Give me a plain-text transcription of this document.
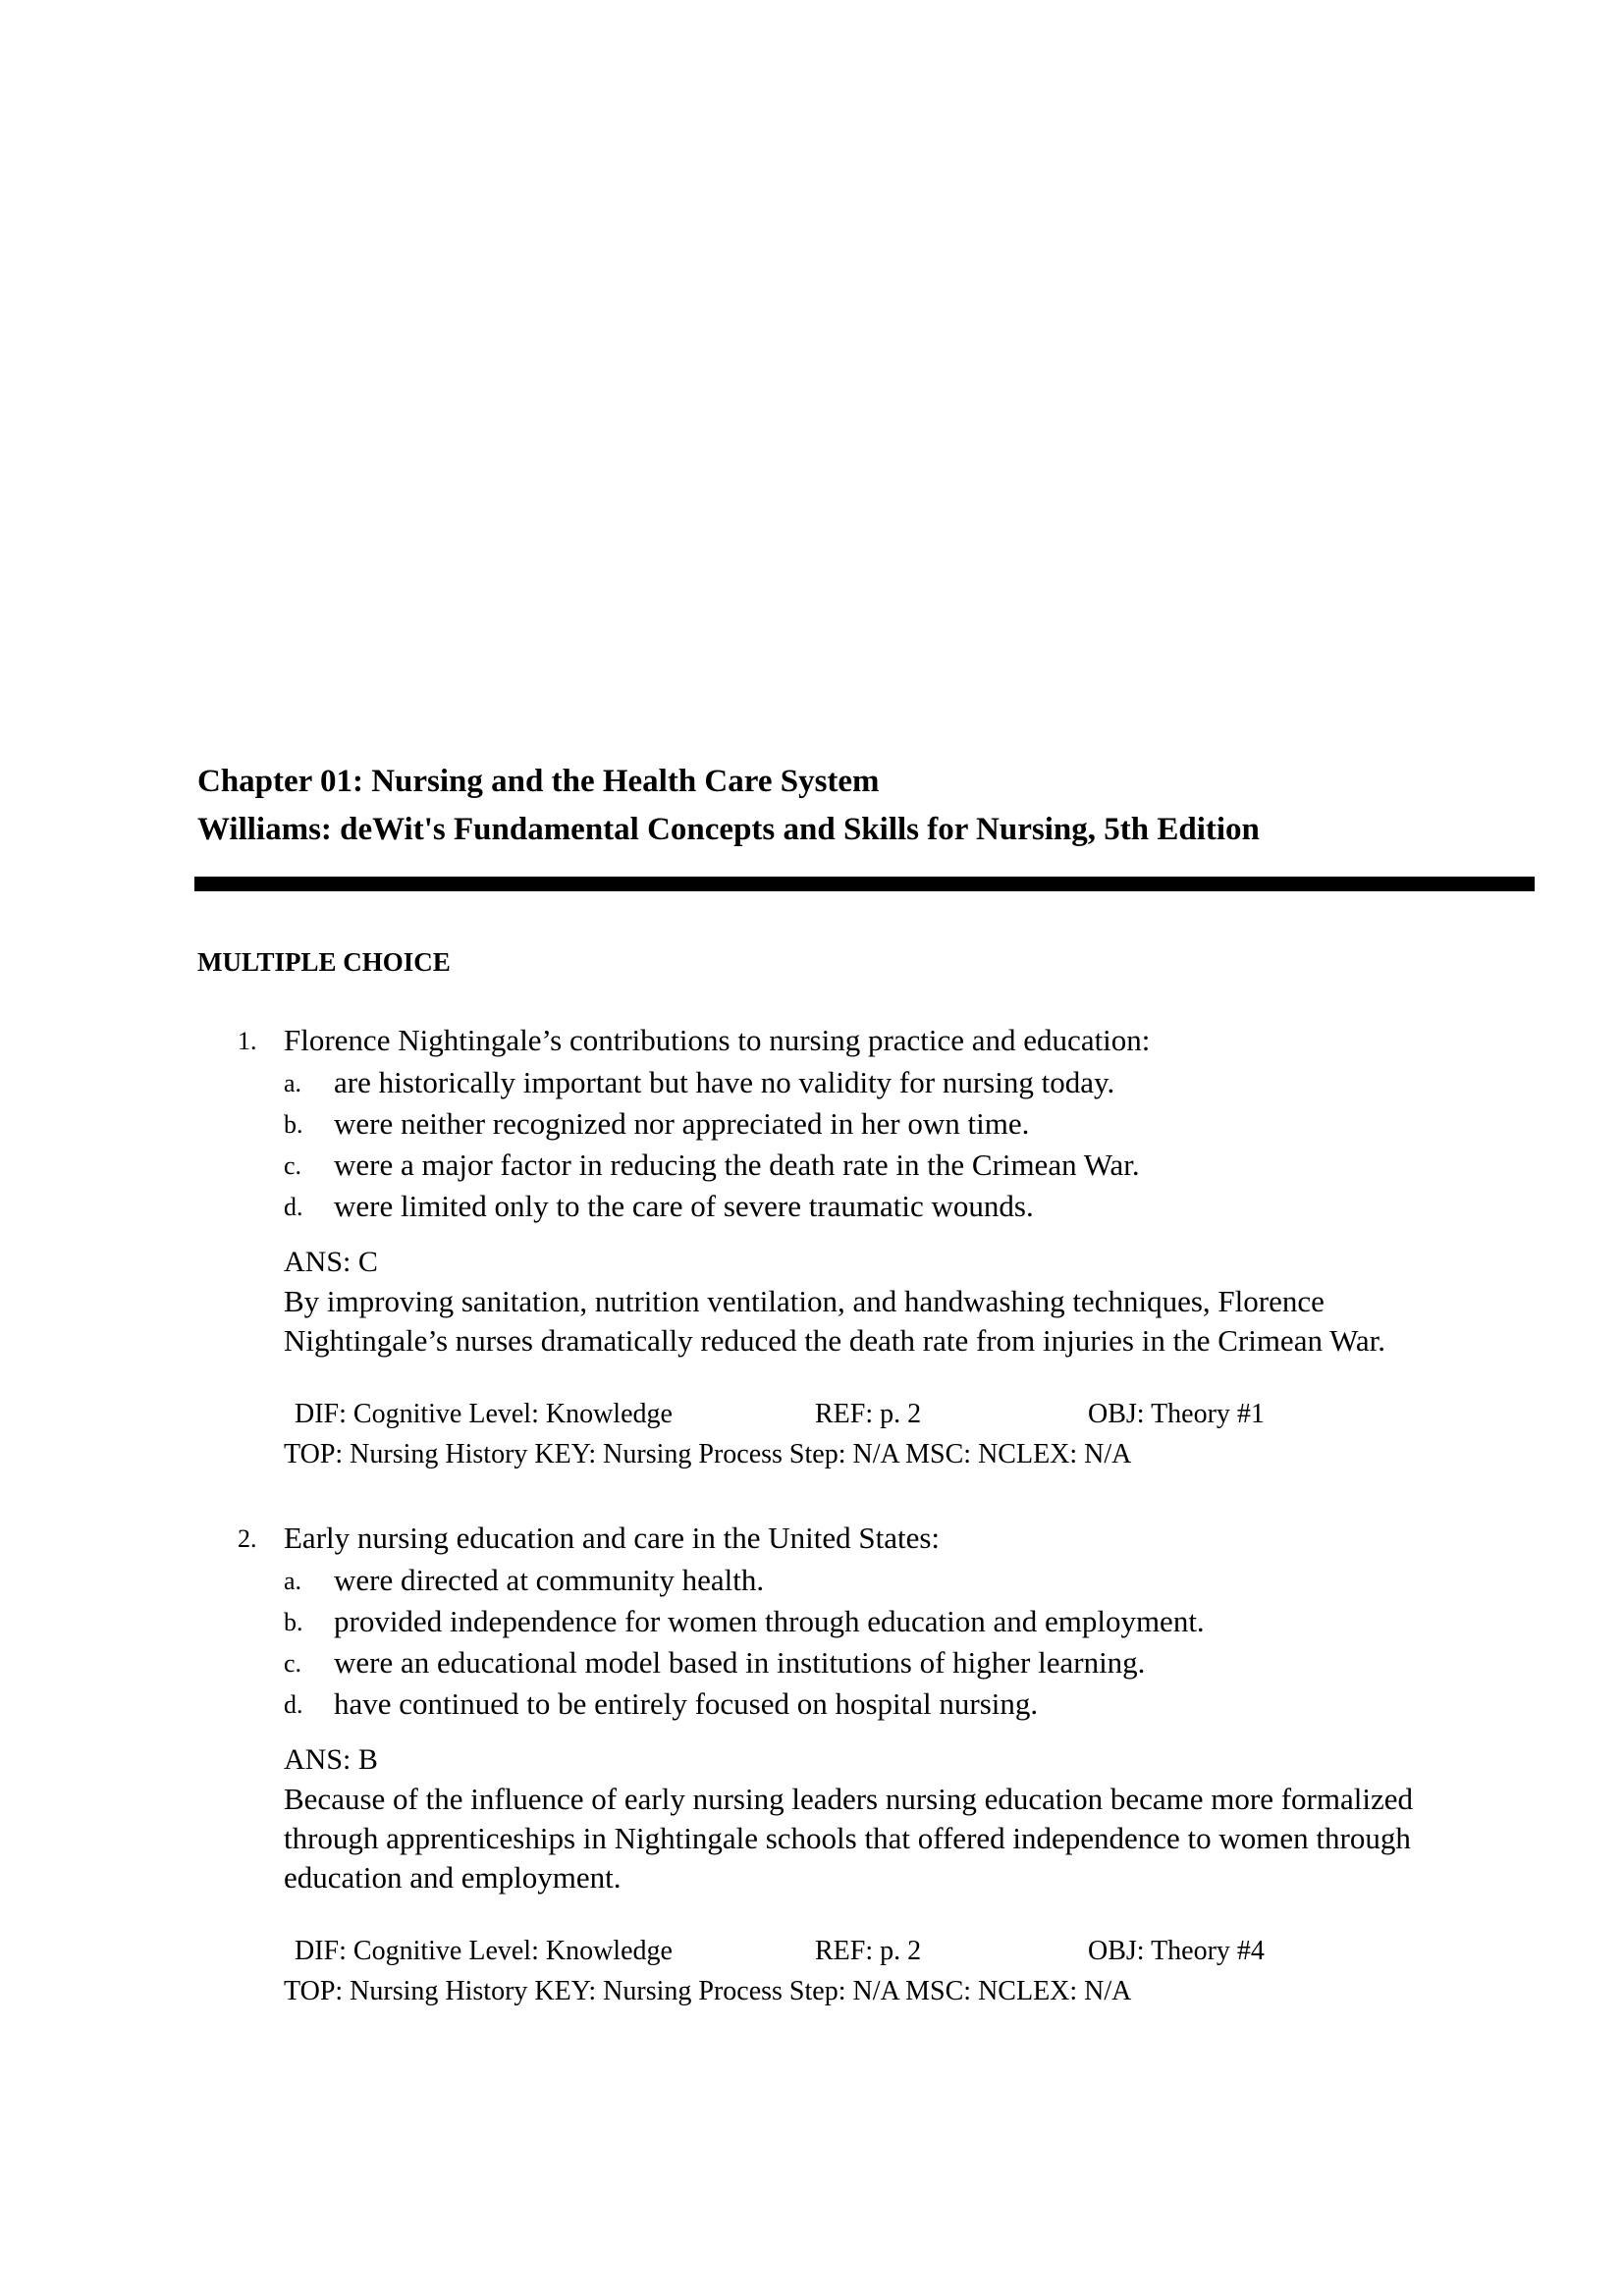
Chapter 01: Nursing and the Health Care System
Williams: deWit's Fundamental Concepts and Skills for Nursing, 5th Edition
MULTIPLE CHOICE
1. Florence Nightingale’s contributions to nursing practice and education:
a. are historically important but have no validity for nursing today.
b. were neither recognized nor appreciated in her own time.
c. were a major factor in reducing the death rate in the Crimean War.
d. were limited only to the care of severe traumatic wounds.
ANS: C
By improving sanitation, nutrition ventilation, and handwashing techniques, Florence
Nightingale’s nurses dramatically reduced the death rate from injuries in the Crimean War.
DIF: Cognitive Level: Knowledge	REF: p. 2	OBJ: Theory #1
TOP: Nursing History KEY: Nursing Process Step: N/A MSC: NCLEX: N/A
2. Early nursing education and care in the United States:
a. were directed at community health.
b. provided independence for women through education and employment.
c. were an educational model based in institutions of higher learning.
d. have continued to be entirely focused on hospital nursing.
ANS: B
Because of the influence of early nursing leaders nursing education became more formalized
through apprenticeships in Nightingale schools that offered independence to women through
education and employment.
DIF: Cognitive Level: Knowledge	REF: p. 2	OBJ: Theory #4
TOP: Nursing History KEY: Nursing Process Step: N/A MSC: NCLEX: N/A
